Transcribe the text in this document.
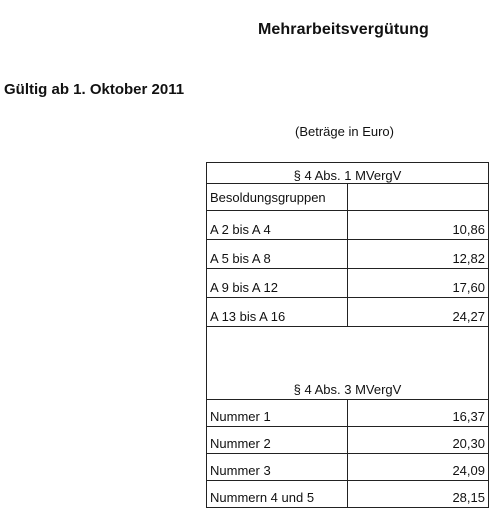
Mehrarbeitsvergütung
Gültig ab 1. Oktober 2011
(Beträge in Euro)
§ 4 Abs. 1 MVergV	
Besoldungsgruppen	
A 2 bis A 4	10,86
A 5 bis A 8	12,82
A 9 bis A 12	17,60
A 13 bis A 16	24,27
§ 4 Abs. 3 MVergV	
Nummer 1	16,37
Nummer 2	20,30
Nummer 3	24,09
Nummern 4 und 5	28,15
